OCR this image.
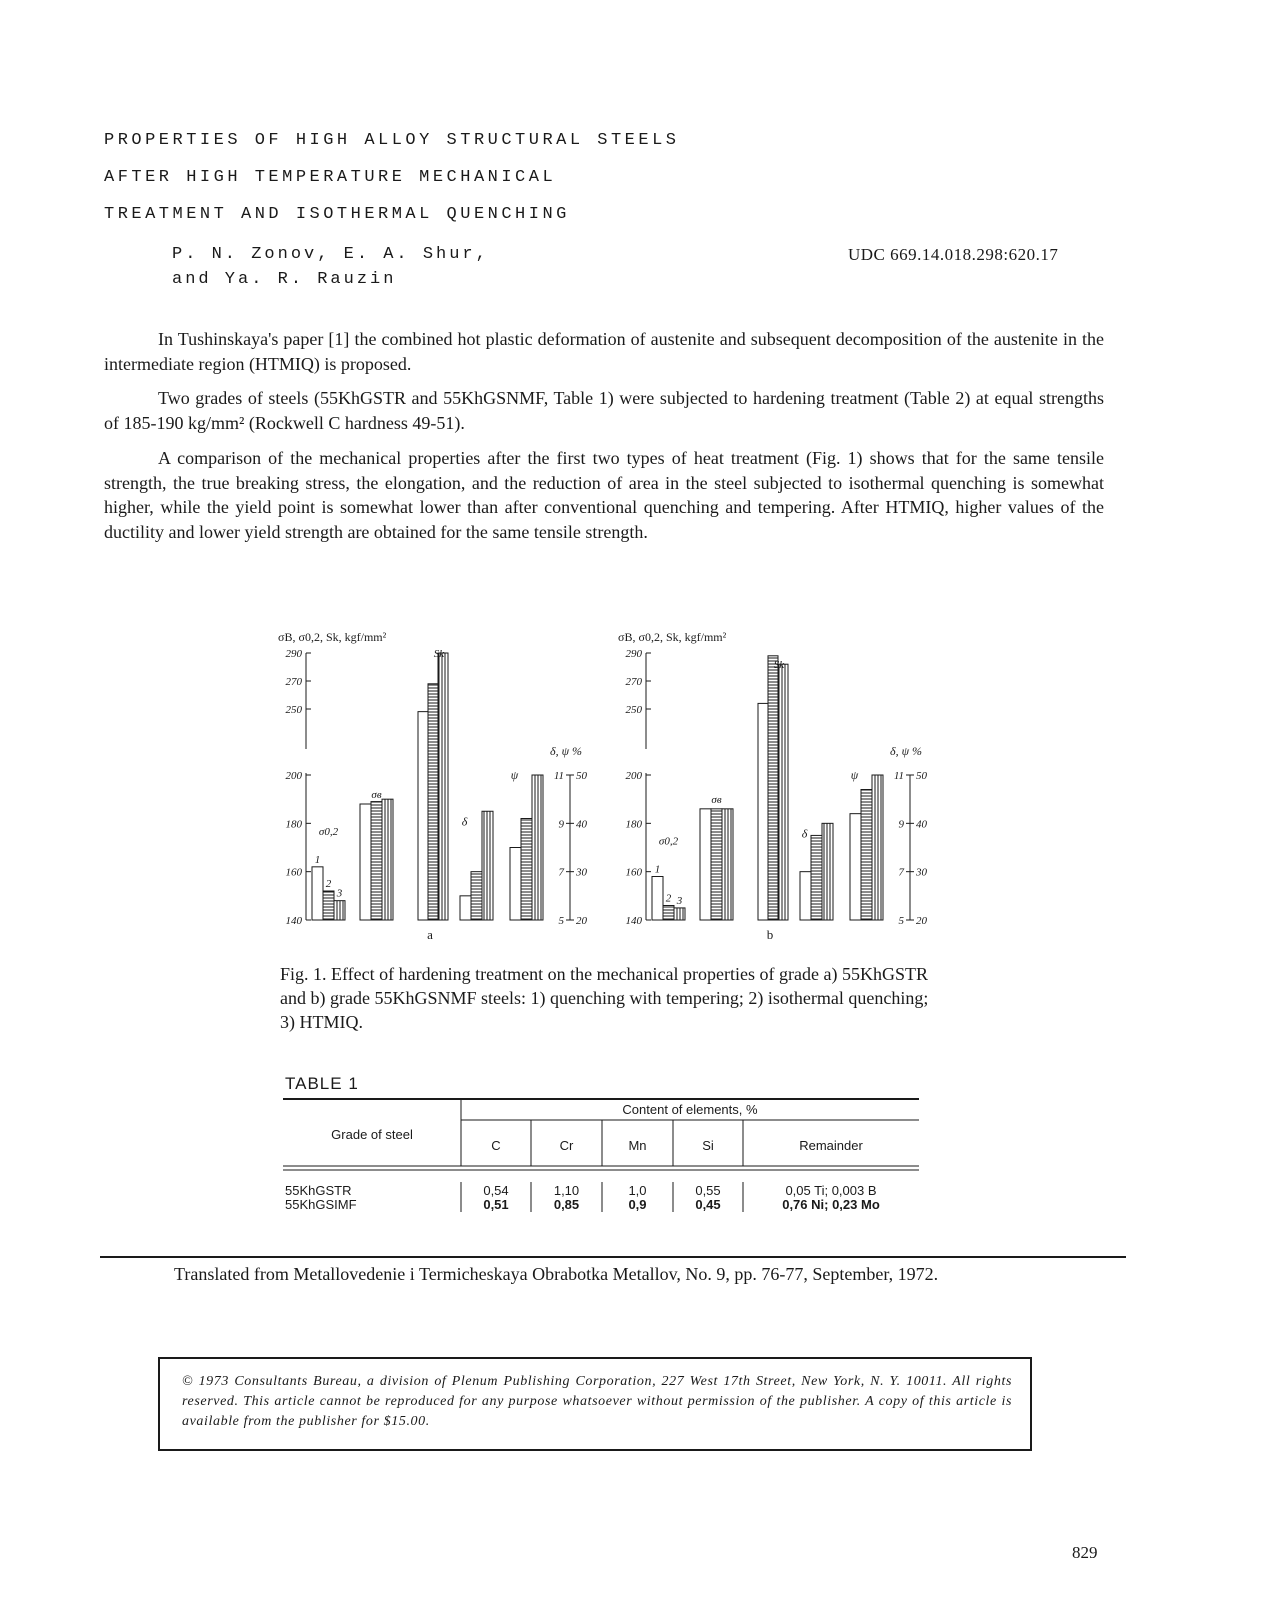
PROPERTIES OF HIGH ALLOY STRUCTURAL STEELS
AFTER HIGH TEMPERATURE MECHANICAL
TREATMENT AND ISOTHERMAL QUENCHING
P. N. Zonov, E. A. Shur,
and Ya. R. Rauzin
UDC 669.14.018.298:620.17

In Tushinskaya's paper [1] the combined hot plastic deformation of austenite and subsequent decomposition of the austenite in the intermediate region (HTMIQ) is proposed.

Two grades of steels (55KhGSTR and 55KhGSNMF, Table 1) were subjected to hardening treatment (Table 2) at equal strengths of 185-190 kg/mm² (Rockwell C hardness 49-51).

A comparison of the mechanical properties after the first two types of heat treatment (Fig. 1) shows that for the same tensile strength, the true breaking stress, the elongation, and the reduction of area in the steel subjected to isothermal quenching is somewhat higher, while the yield point is somewhat lower than after conventional quenching and tempering. After HTMIQ, higher values of the ductility and lower yield strength are obtained for the same tensile strength.

σB, σ0,2, Sk, kgf/mm²
290
270
250
200
180
160
140
σ0,2
σв
Sk
δ
ψ
1
2
3
δ, ψ %
50
40
30
20
11
9
7
5
a
σB, σ0,2, Sk, kgf/mm²
290
270
250
200
180
160
140
σ0,2
σв
Sk
δ
ψ
1
2 3
δ, ψ %
50
40
30
20
11
9
7
5
b
Fig. 1. Effect of hardening treatment on the mechanical properties of grade a) 55KhGSTR and b) grade 55KhGSNMF steels: 1) quenching with tempering; 2) isothermal quenching; 3) HTMIQ.
TABLE 1
Content of elements, %
Grade of steel
C	Cr	Mn	Si	Remainder
55KhGSTR	0,54	1,10	1,0	0,55	0,05 Ti; 0,003 B
55KhGSIMF	0,51	0,85	0,9	0,45	0,76 Ni; 0,23 Mo
Translated from Metallovedenie i Termicheskaya Obrabotka Metallov, No. 9, pp. 76-77, September, 1972.
© 1973 Consultants Bureau, a division of Plenum Publishing Corporation, 227 West 17th Street, New York, N. Y. 10011. All rights reserved. This article cannot be reproduced for any purpose whatsoever without permission of the publisher. A copy of this article is available from the publisher for $15.00.
829
